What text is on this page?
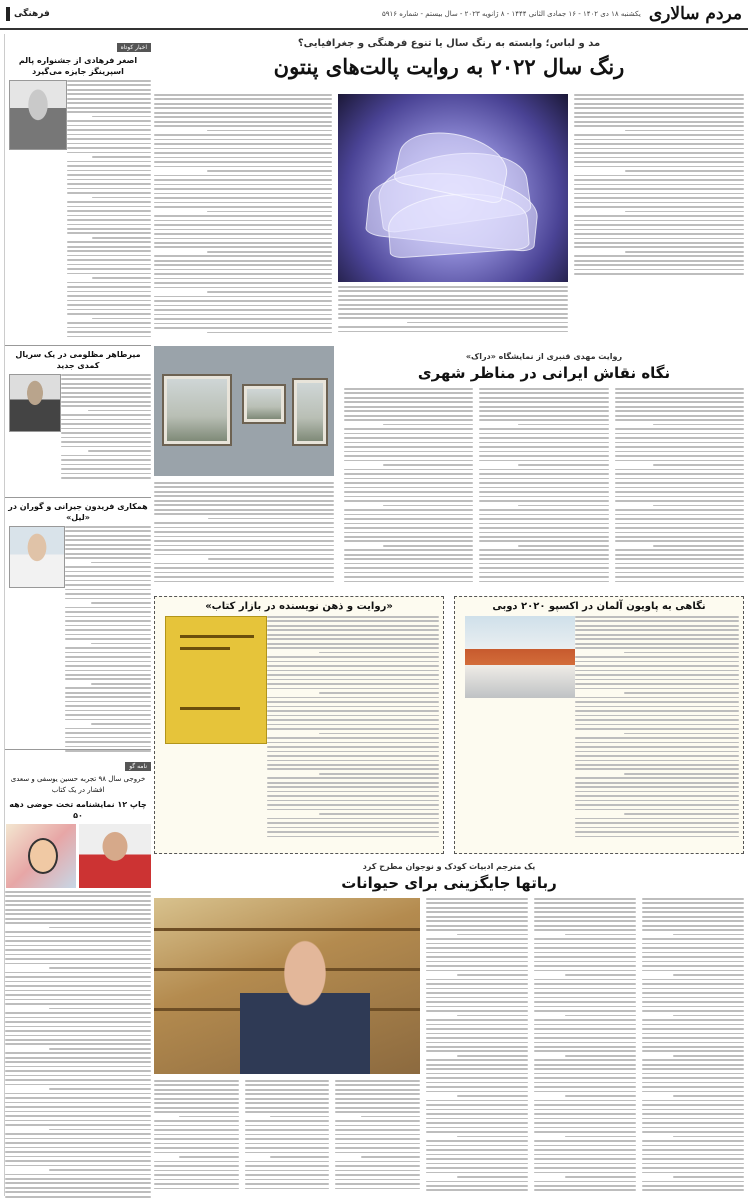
مردم سالاری
یکشنبه ۱۸ دی ۱۴۰۲ - ۱۶ جمادی الثانی ۱۴۴۴ - ۸ ژانویه ۲۰۲۳ - سال بیستم - شماره ۵۹۱۶
فرهنگی
مد و لباس؛ وابسته به رنگ سال یا تنوع فرهنگی و جغرافیایی؟
رنگ سال ۲۰۲۲ به روایت پالت‌های پنتون
روایت مهدی قنبری از نمایشگاه «دراک»
نگاه نقاش ایرانی در مناظر شهری
نگاهی به پاویون آلمان در اکسپو ۲۰۲۰ دوبی
«روایت و ذهن نویسنده در بازار کتاب»
یک مترجم ادبیات کودک و نوجوان مطرح کرد
رباتها جایگزینی برای حیوانات
اخبار کوتاه
اصغر فرهادی از جشنواره پالم اسپرینگز جایزه می‌گیرد
میرطاهر مظلومی در یک سریال کمدی جدید
همکاری فریدون جیرانی و گوران در «لیل»
نامه گو
خروجی سال ۹۸ تجربه حسین یوسفی و سعدی افشار در یک کتاب
چاپ ۱۲ نمایشنامه تخت حوضی دهه ۵۰
